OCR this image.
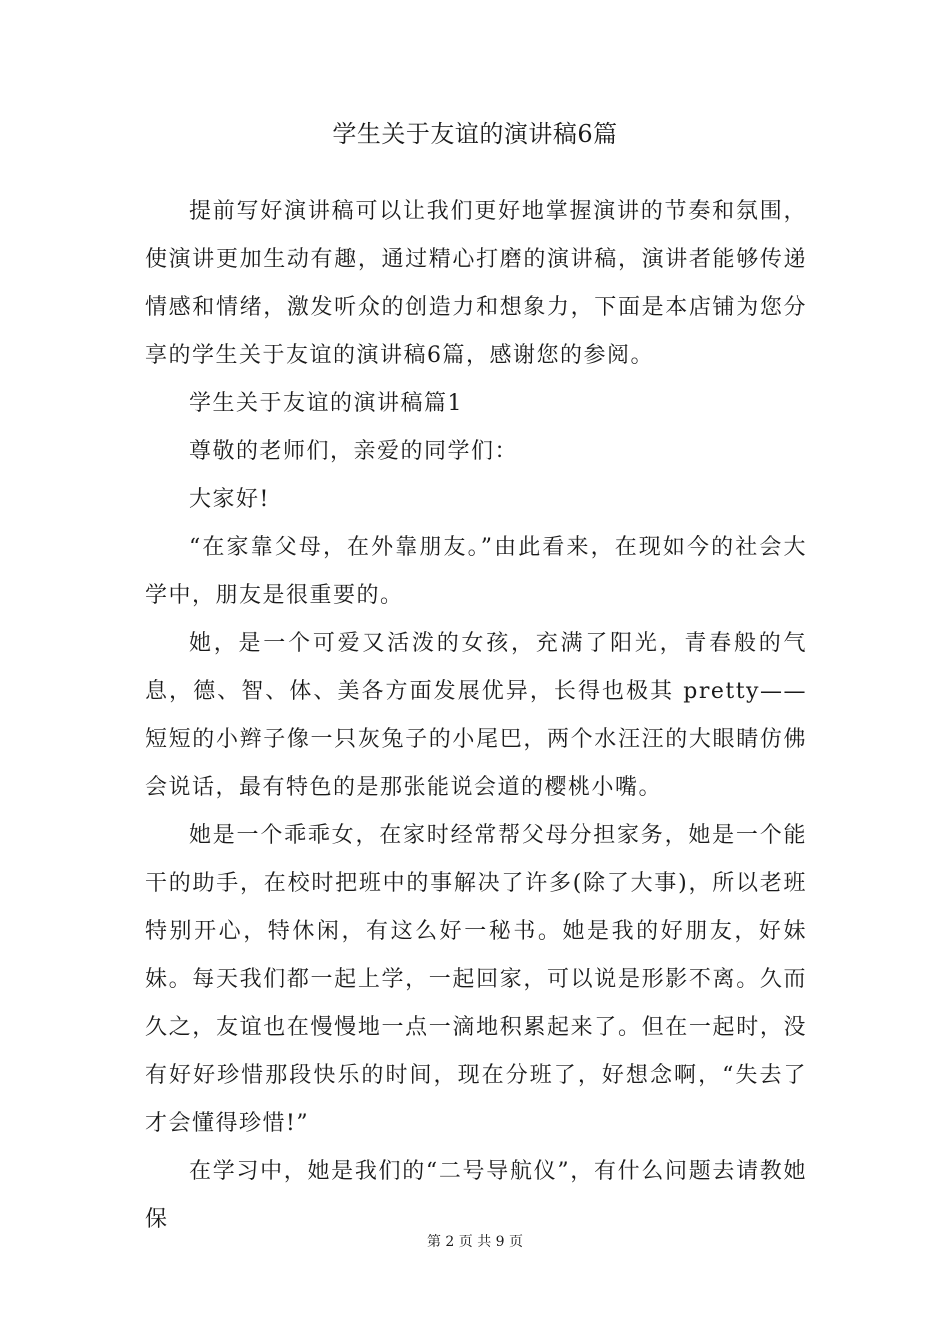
学生关于友谊的演讲稿6篇

提前写好演讲稿可以让我们更好地掌握演讲的节奏和氛围，使演讲更加生动有趣，通过精心打磨的演讲稿，演讲者能够传递情感和情绪，激发听众的创造力和想象力，下面是本店铺为您分享的学生关于友谊的演讲稿6篇，感谢您的参阅。

学生关于友谊的演讲稿篇1

尊敬的老师们，亲爱的同学们：

大家好!

“在家靠父母，在外靠朋友。”由此看来，在现如今的社会大学中，朋友是很重要的。

她，是一个可爱又活泼的女孩，充满了阳光，青春般的气息，德、智、体、美各方面发展优异，长得也极其 pretty——短短的小辫子像一只灰兔子的小尾巴，两个水汪汪的大眼睛仿佛会说话，最有特色的是那张能说会道的樱桃小嘴。

她是一个乖乖女，在家时经常帮父母分担家务，她是一个能干的助手，在校时把班中的事解决了许多(除了大事)，所以老班特别开心，特休闲，有这么好一秘书。她是我的好朋友，好妹妹。每天我们都一起上学，一起回家，可以说是形影不离。久而久之，友谊也在慢慢地一点一滴地积累起来了。但在一起时，没有好好珍惜那段快乐的时间，现在分班了，好想念啊，“失去了才会懂得珍惜!”

在学习中，她是我们的“二号导航仪”，有什么问题去请教她保

第 2 页 共 9 页
